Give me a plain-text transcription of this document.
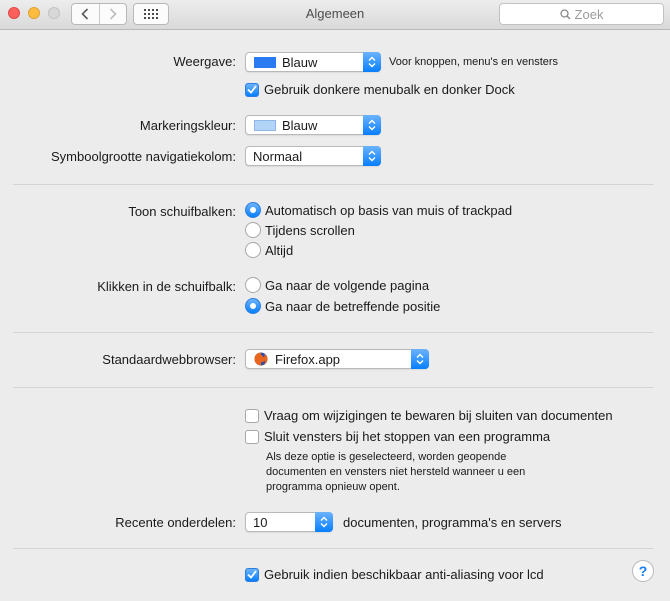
Algemeen	Zoek
Weergave:	Blauw	Voor knoppen, menu's en vensters
Gebruik donkere menubalk en donker Dock
Markeringskleur:	Blauw
Symboolgrootte navigatiekolom:	Normaal
Toon schuifbalken: Automatisch op basis van muis of trackpad
Tijdens scrollen
Altijd
Klikken in de schuifbalk: Ga naar de volgende pagina
Ga naar de betreffende positie
Standaardwebbrowser:	Firefox.app
Vraag om wijzigingen te bewaren bij sluiten van documenten
Sluit vensters bij het stoppen van een programma
Als deze optie is geselecteerd, worden geopende documenten en vensters niet hersteld wanneer u een programma opnieuw opent.
Recente onderdelen:	10	documenten, programma's en servers
Gebruik indien beschikbaar anti-aliasing voor lcd	?
